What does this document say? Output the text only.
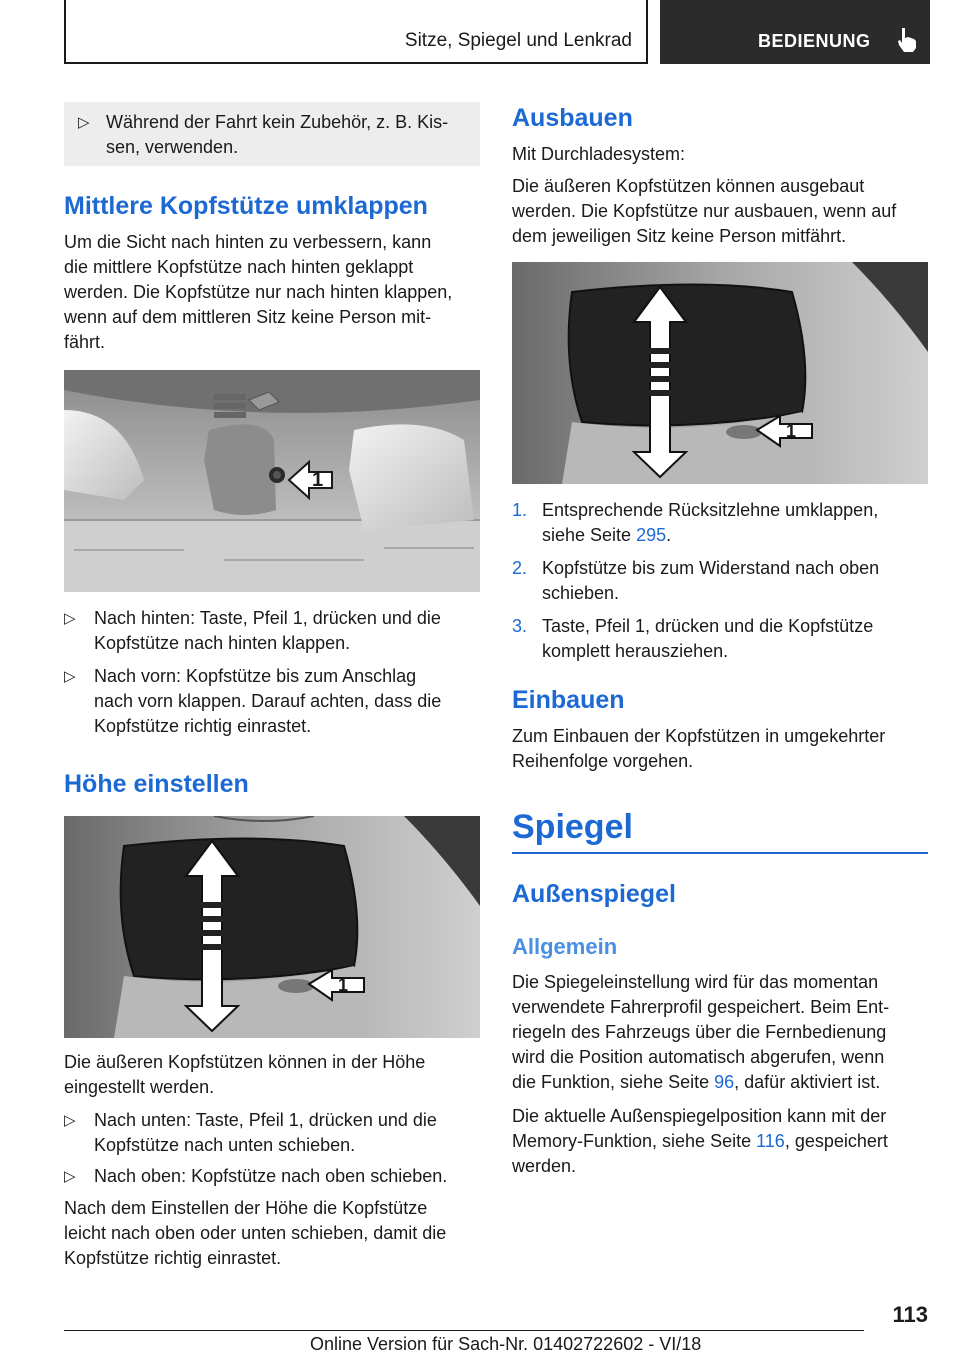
Sitze, Spiegel und Lenkrad	BEDIENUNG
▷ Während der Fahrt kein Zubehör, z. B. Kis-sen, verwenden.
Mittlere Kopfstütze umklappen
Um die Sicht nach hinten zu verbessern, kann
die mittlere Kopfstütze nach hinten geklappt
werden. Die Kopfstütze nur nach hinten klappen,
wenn auf dem mittleren Sitz keine Person mit-
fährt.
1
▷ Nach hinten: Taste, Pfeil 1, drücken und die
Kopfstütze nach hinten klappen.
▷ Nach vorn: Kopfstütze bis zum Anschlag
nach vorn klappen. Darauf achten, dass die
Kopfstütze richtig einrastet.
Höhe einstellen
1
Die äußeren Kopfstützen können in der Höhe
eingestellt werden.
▷ Nach unten: Taste, Pfeil 1, drücken und die
Kopfstütze nach unten schieben.
▷ Nach oben: Kopfstütze nach oben schieben.
Nach dem Einstellen der Höhe die Kopfstütze
leicht nach oben oder unten schieben, damit die
Kopfstütze richtig einrastet.
Ausbauen
Mit Durchladesystem:
Die äußeren Kopfstützen können ausgebaut
werden. Die Kopfstütze nur ausbauen, wenn auf
dem jeweiligen Sitz keine Person mitfährt.
1
1. Entsprechende Rücksitzlehne umklappen,
siehe Seite 295.
2. Kopfstütze bis zum Widerstand nach oben
schieben.
3. Taste, Pfeil 1, drücken und die Kopfstütze
komplett herausziehen.
Einbauen
Zum Einbauen der Kopfstützen in umgekehrter
Reihenfolge vorgehen.
Spiegel
Außenspiegel
Allgemein
Die Spiegeleinstellung wird für das momentan
verwendete Fahrerprofil gespeichert. Beim Ent-
riegeln des Fahrzeugs über die Fernbedienung
wird die Position automatisch abgerufen, wenn
die Funktion, siehe Seite 96, dafür aktiviert ist.
Die aktuelle Außenspiegelposition kann mit der
Memory-Funktion, siehe Seite 116, gespeichert
werden.
113
Online Version für Sach-Nr. 01402722602 - VI/18
